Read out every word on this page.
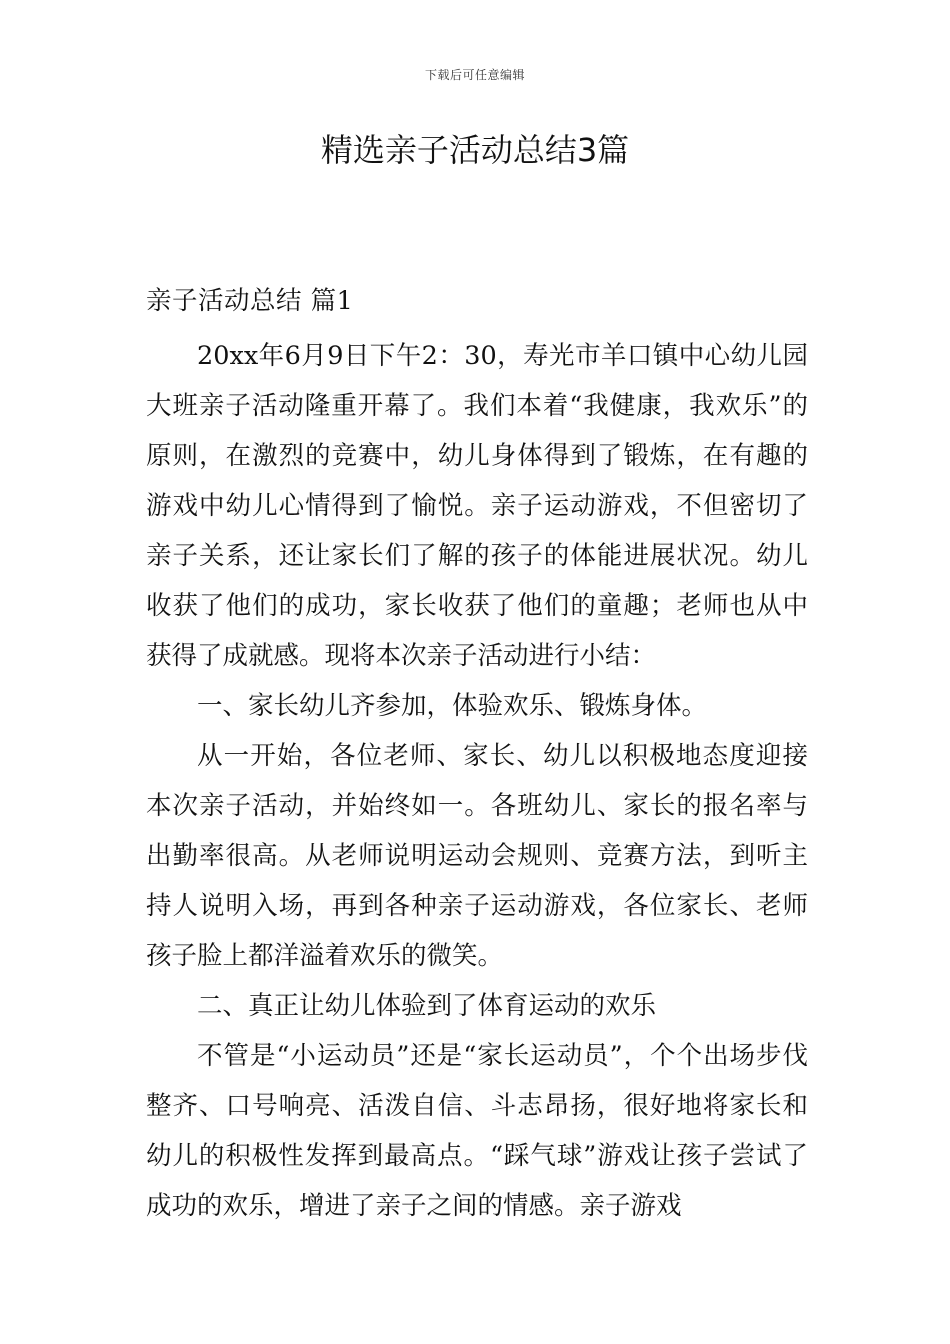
下载后可任意编辑
精选亲子活动总结3篇
亲子活动总结 篇1

20xx年6月9日下午2：30，寿光市羊口镇中心幼儿园大班亲子活动隆重开幕了。我们本着“我健康，我欢乐”的原则，在激烈的竞赛中，幼儿身体得到了锻炼，在有趣的游戏中幼儿心情得到了愉悦。亲子运动游戏，不但密切了亲子关系，还让家长们了解的孩子的体能进展状况。幼儿收获了他们的成功，家长收获了他们的童趣；老师也从中获得了成就感。现将本次亲子活动进行小结：

一、家长幼儿齐参加，体验欢乐、锻炼身体。

从一开始，各位老师、家长、幼儿以积极地态度迎接本次亲子活动，并始终如一。各班幼儿、家长的报名率与出勤率很高。从老师说明运动会规则、竞赛方法，到听主持人说明入场，再到各种亲子运动游戏，各位家长、老师孩子脸上都洋溢着欢乐的微笑。

二、真正让幼儿体验到了体育运动的欢乐

不管是“小运动员”还是“家长运动员”，个个出场步伐整齐、口号响亮、活泼自信、斗志昂扬，很好地将家长和幼儿的积极性发挥到最高点。“踩气球”游戏让孩子尝试了成功的欢乐，增进了亲子之间的情感。亲子游戏
